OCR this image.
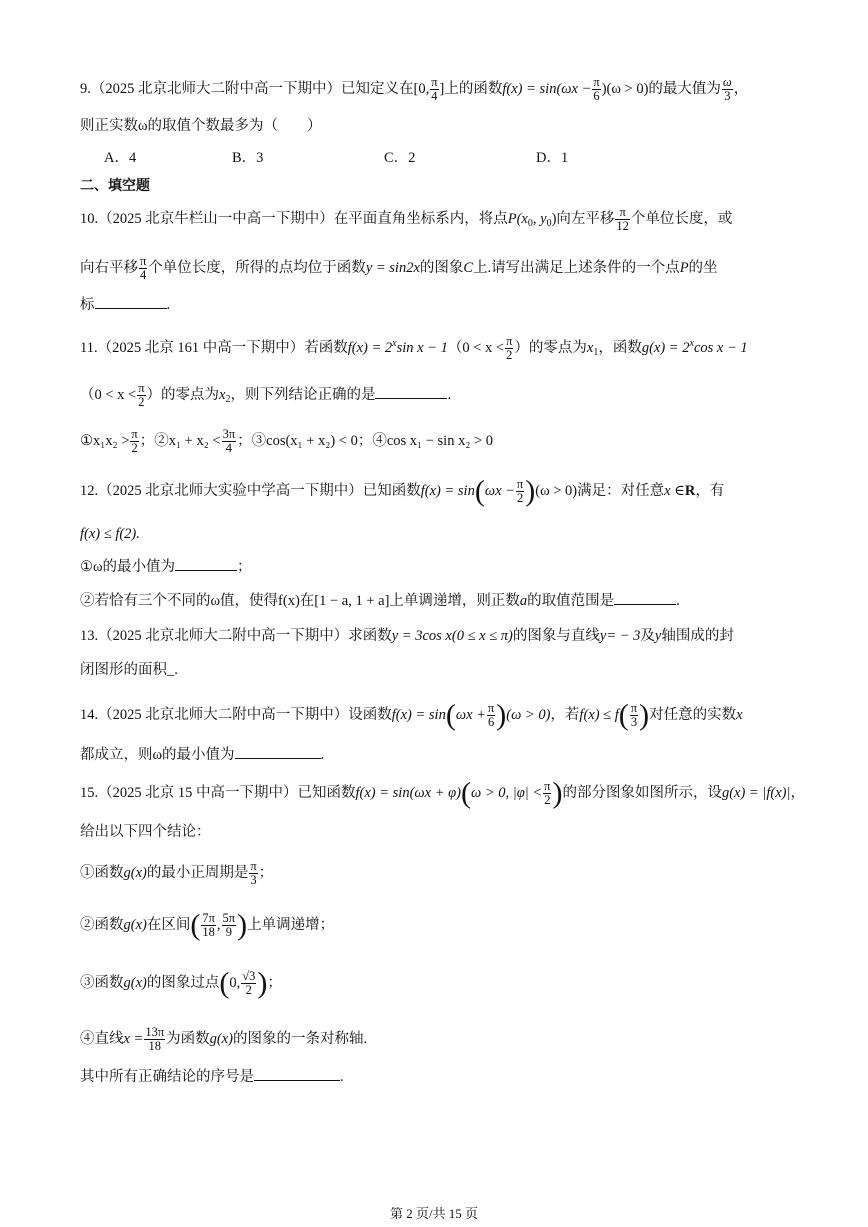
9.（2025 北京北师大二附中高一下期中）已知定义在[0, $\frac{\pi}{4}$ ]上的函数$f(x) = \sin(\omega x - \frac{\pi}{6} )(\omega > 0)$的最大值为 $\frac{\omega}{3}$ ，
则正实数ω的取值个数最多为（　　）
A．4	B．3	C．2	D．1
二、填空题
10.（2025 北京牛栏山一中高一下期中）在平面直角坐标系内，将点$P(x_0$, $y_0$)向左平移 $\frac{\pi}{12}$ 个单位长度，或
向右平移 $\frac{\pi}{4}$ 个单位长度，所得的点均位于函数y = sin2x的图象C上.请写出满足上述条件的一个点P的坐
标	.
11.（2025 北京 161 中高一下期中）若函数$f(x) = 2^x\sin$ $x - 1(0 < x < \frac{\pi}{2}$ ）的零点为$x_1$，函数$g(x) = 2^x\cos$ x − 1
（$0 < x < \frac{\pi}{2}$ ）的零点为$x_2$，则下列结论正确的是	.
①x₁x₂ > $\frac{\pi}{2}$ ；②x₁ + $x_2 < \frac{3\pi}{4}$ ；③cos(x₁ + x₂) < 0；④cos x₁ − sin x₂ > 0
12.（2025 北京北师大实验中学高一下期中）已知函数$f(x) = \sin(\omega x - \frac{\pi}{2} )(\omega > 0)$满足：对任意x ∈R，有
f(x) ≤ f(2).
①ω的最小值为	；
②若恰有三个不同的ω值，使得f(x)在[1 − a, 1 + a]上单调递增，则正数a的取值范围是	.
13.（2025 北京北师大二附中高一下期中）求函数y = 3cos x(0 ≤ x ≤ π)的图象与直线y= − 3及y轴围成的封
闭图形的面积_.
14.（2025 北京北师大二附中高一下期中）设函数$f(x) = \sin(\omega x + \frac{\pi}{6} )(\omega > 0)$，若$f(x) \le f( \frac{\pi}{3}$ )对任意的实数x
都成立，则ω的最小值为	.
15.（2025 北京 15 中高一下期中）已知函数f(x) = sin(ωx + φ)(ω > 0, $|\varphi| < \frac{\pi}{2}$ )的部分图象如图所示，设g(x) = |f(x)|，
给出以下四个结论：
①函数g(x)的最小正周期是 $\frac{\pi}{3}$ ；
②函数g(x)在区间( $\frac{7\pi}{18}$ , $\frac{5\pi}{9}$ )上单调递增；
③函数g(x)的图象过点(0, $\frac{√3}{2}$ )；
④直线$x = \frac{13\pi}{18}$ 为函数g(x)的图象的一条对称轴.
其中所有正确结论的序号是	.
第 2 页/共 15 页
